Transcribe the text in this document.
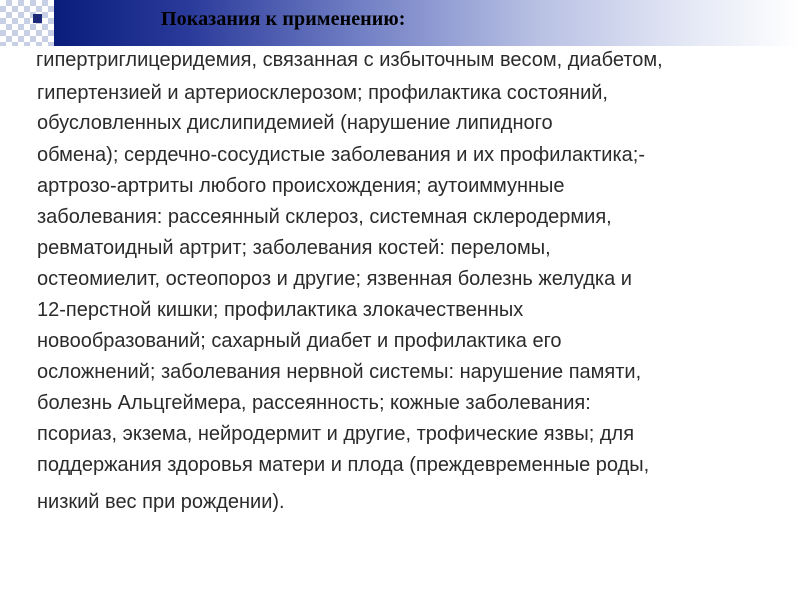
Показания к применению:

гипертриглицеридемия, связанная с избыточным весом, диабетом,

гипертензией и артериосклерозом; профилактика состояний,

обусловленных дислипидемией (нарушение липидного

обмена); сердечно-сосудистые заболевания и их профилактика;-

артрозо-артриты любого происхождения; аутоиммунные

заболевания: рассеянный склероз, системная склеродермия,

ревматоидный артрит; заболевания костей: переломы,

остеомиелит, остеопороз и другие; язвенная болезнь желудка и

12-перстной кишки; профилактика злокачественных

новообразований; сахарный диабет и профилактика его

осложнений; заболевания нервной системы: нарушение памяти,

болезнь Альцгеймера, рассеянность; кожные заболевания:

псориаз, экзема, нейродермит и другие, трофические язвы; для

поддержания здоровья матери и плода (преждевременные роды,

низкий вес при рождении).
